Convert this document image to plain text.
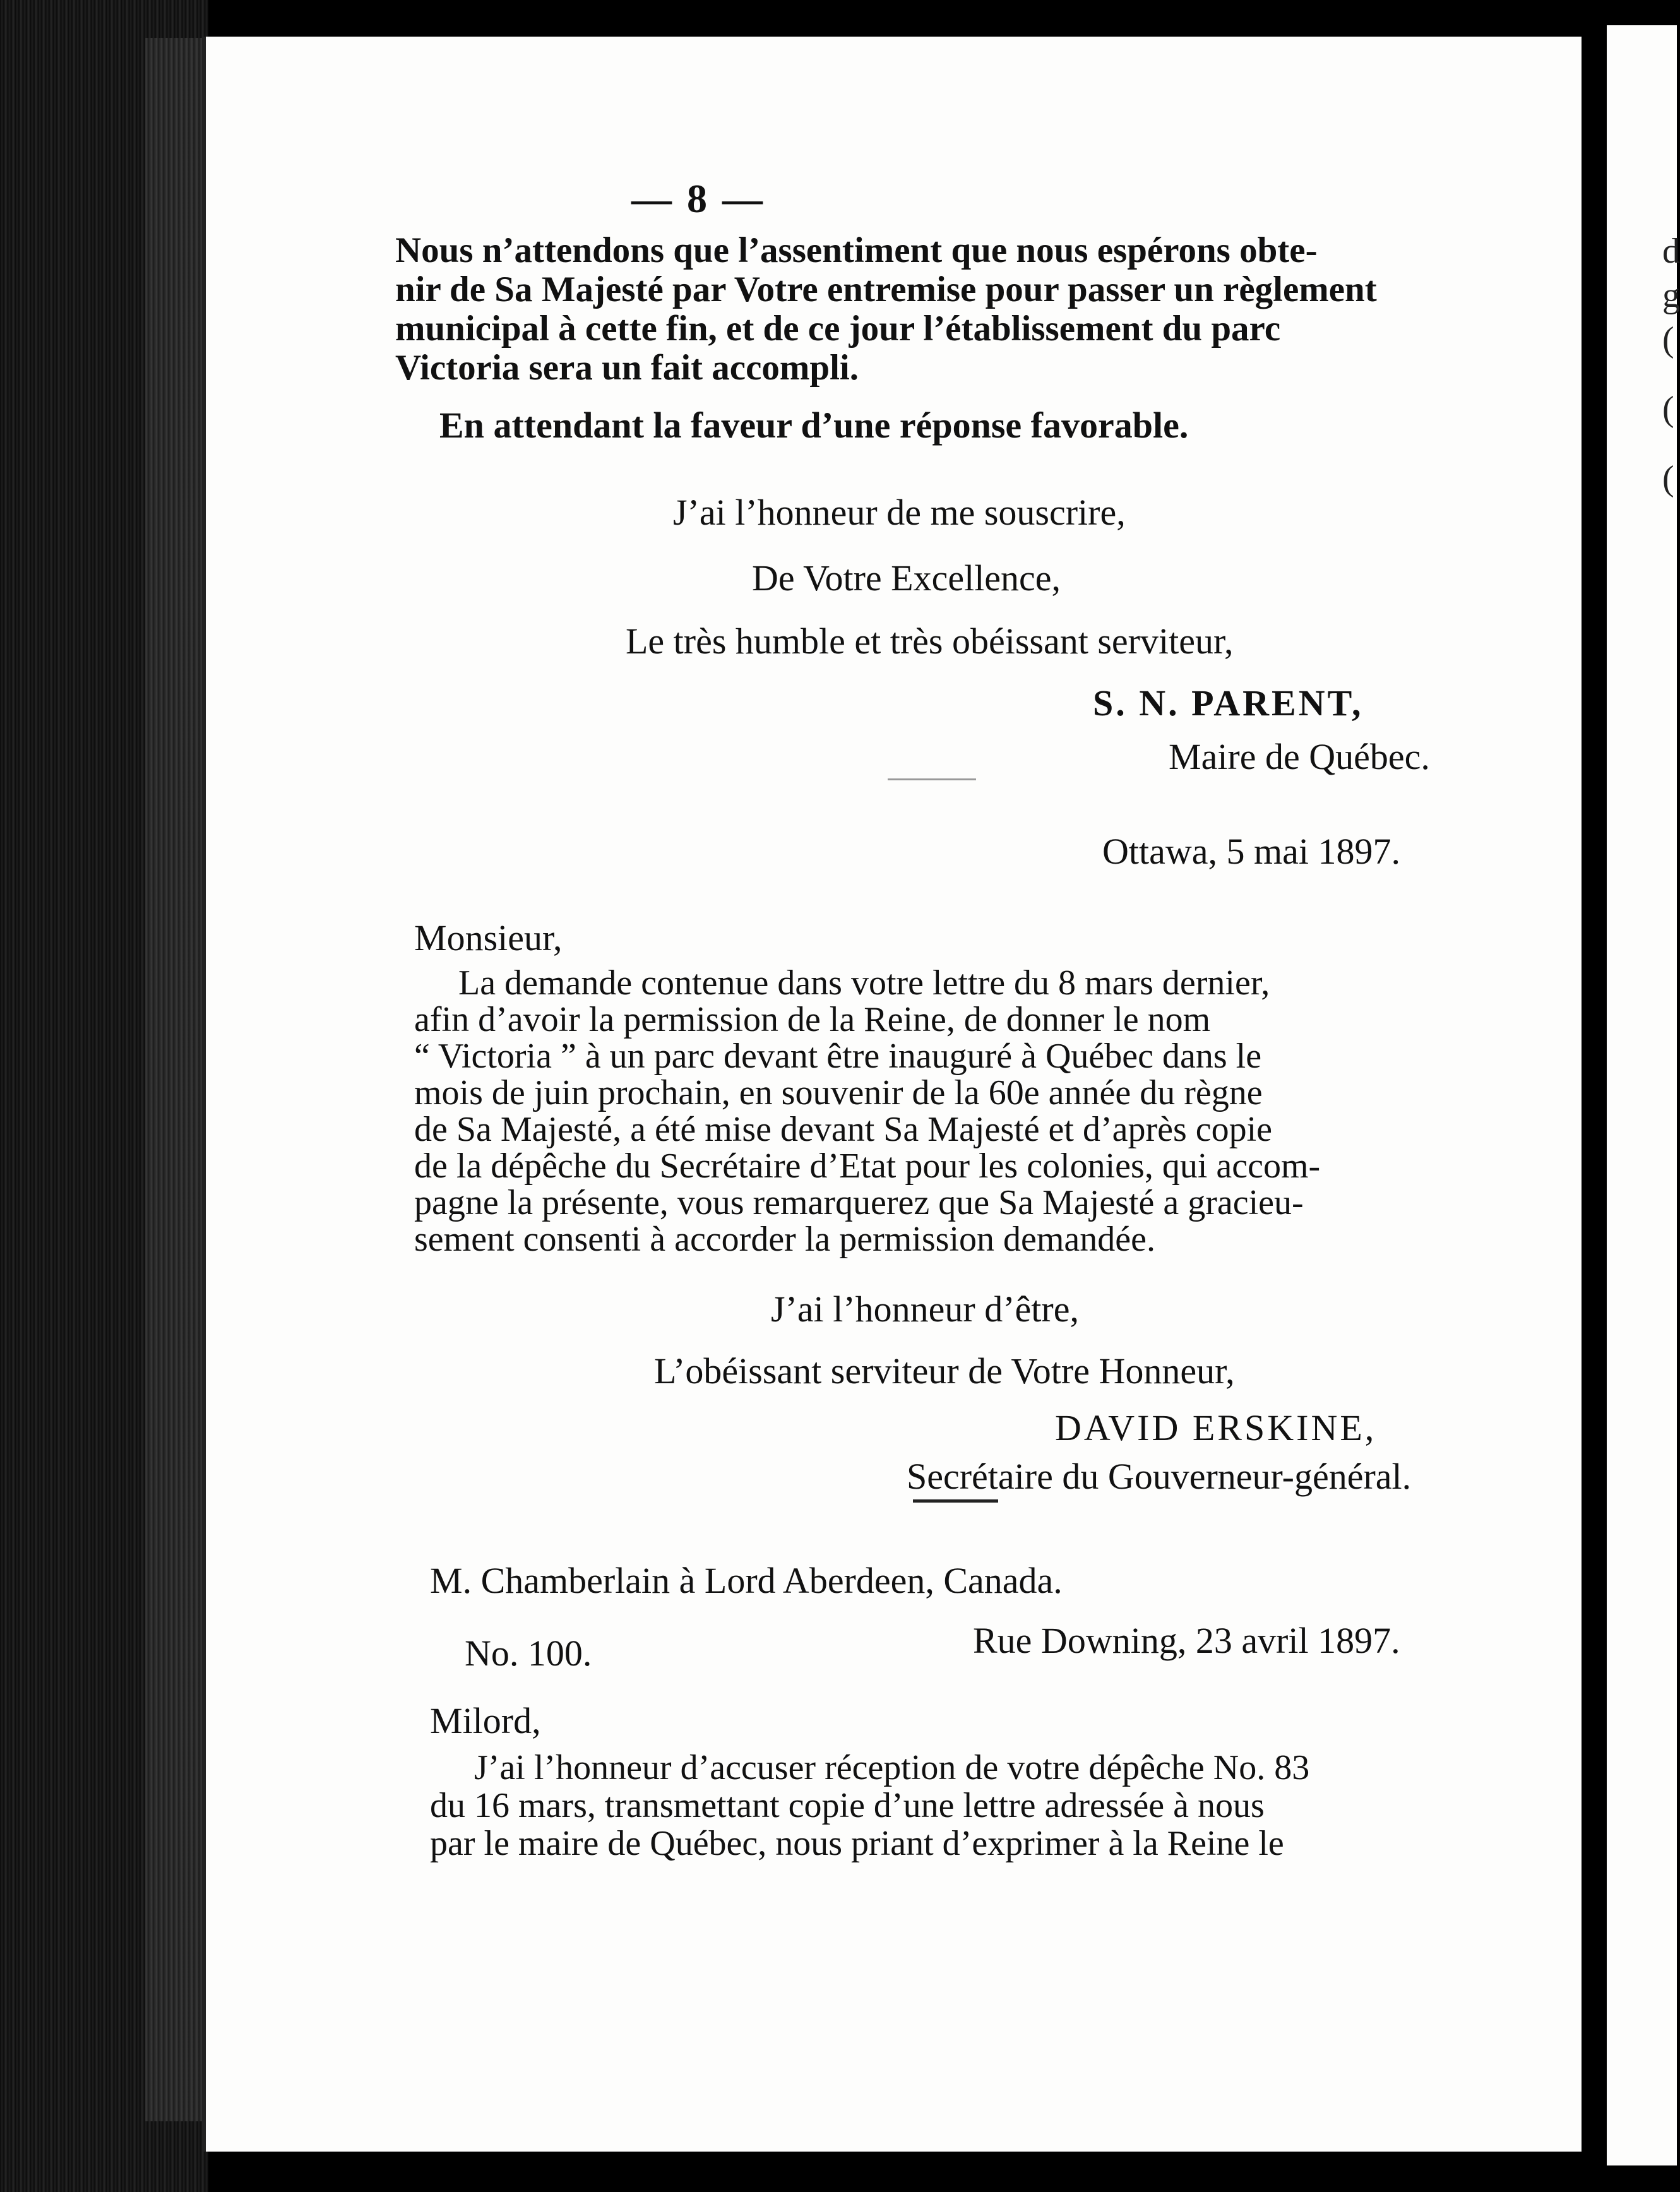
— 8 —
Nous n’attendons que l’assentiment que nous espérons obte-
nir de Sa Majesté par Votre entremise pour passer un règlement
municipal à cette fin, et de ce jour l’établissement du parc
Victoria sera un fait accompli.
En attendant la faveur d’une réponse favorable.
J’ai l’honneur de me souscrire,
De Votre Excellence,
Le très humble et très obéissant serviteur,
S. N. PARENT,
Maire de Québec.
Ottawa, 5 mai 1897.
Monsieur,
La demande contenue dans votre lettre du 8 mars dernier,
afin d’avoir la permission de la Reine, de donner le nom
“ Victoria ” à un parc devant être inauguré à Québec dans le
mois de juin prochain, en souvenir de la 60e année du règne
de Sa Majesté, a été mise devant Sa Majesté et d’après copie
de la dépêche du Secrétaire d’Etat pour les colonies, qui accom-
pagne la présente, vous remarquerez que Sa Majesté a gracieu-
sement consenti à accorder la permission demandée.
J’ai l’honneur d’être,
L’obéissant serviteur de Votre Honneur,
DAVID ERSKINE,
Secrétaire du Gouverneur-général.
M. Chamberlain à Lord Aberdeen, Canada.
No. 100.	Rue Downing, 23 avril 1897.
Milord,
J’ai l’honneur d’accuser réception de votre dépêche No. 83
du 16 mars, transmettant copie d’une lettre adressée à nous
par le maire de Québec, nous priant d’exprimer à la Reine le
d
g
(
(
(
